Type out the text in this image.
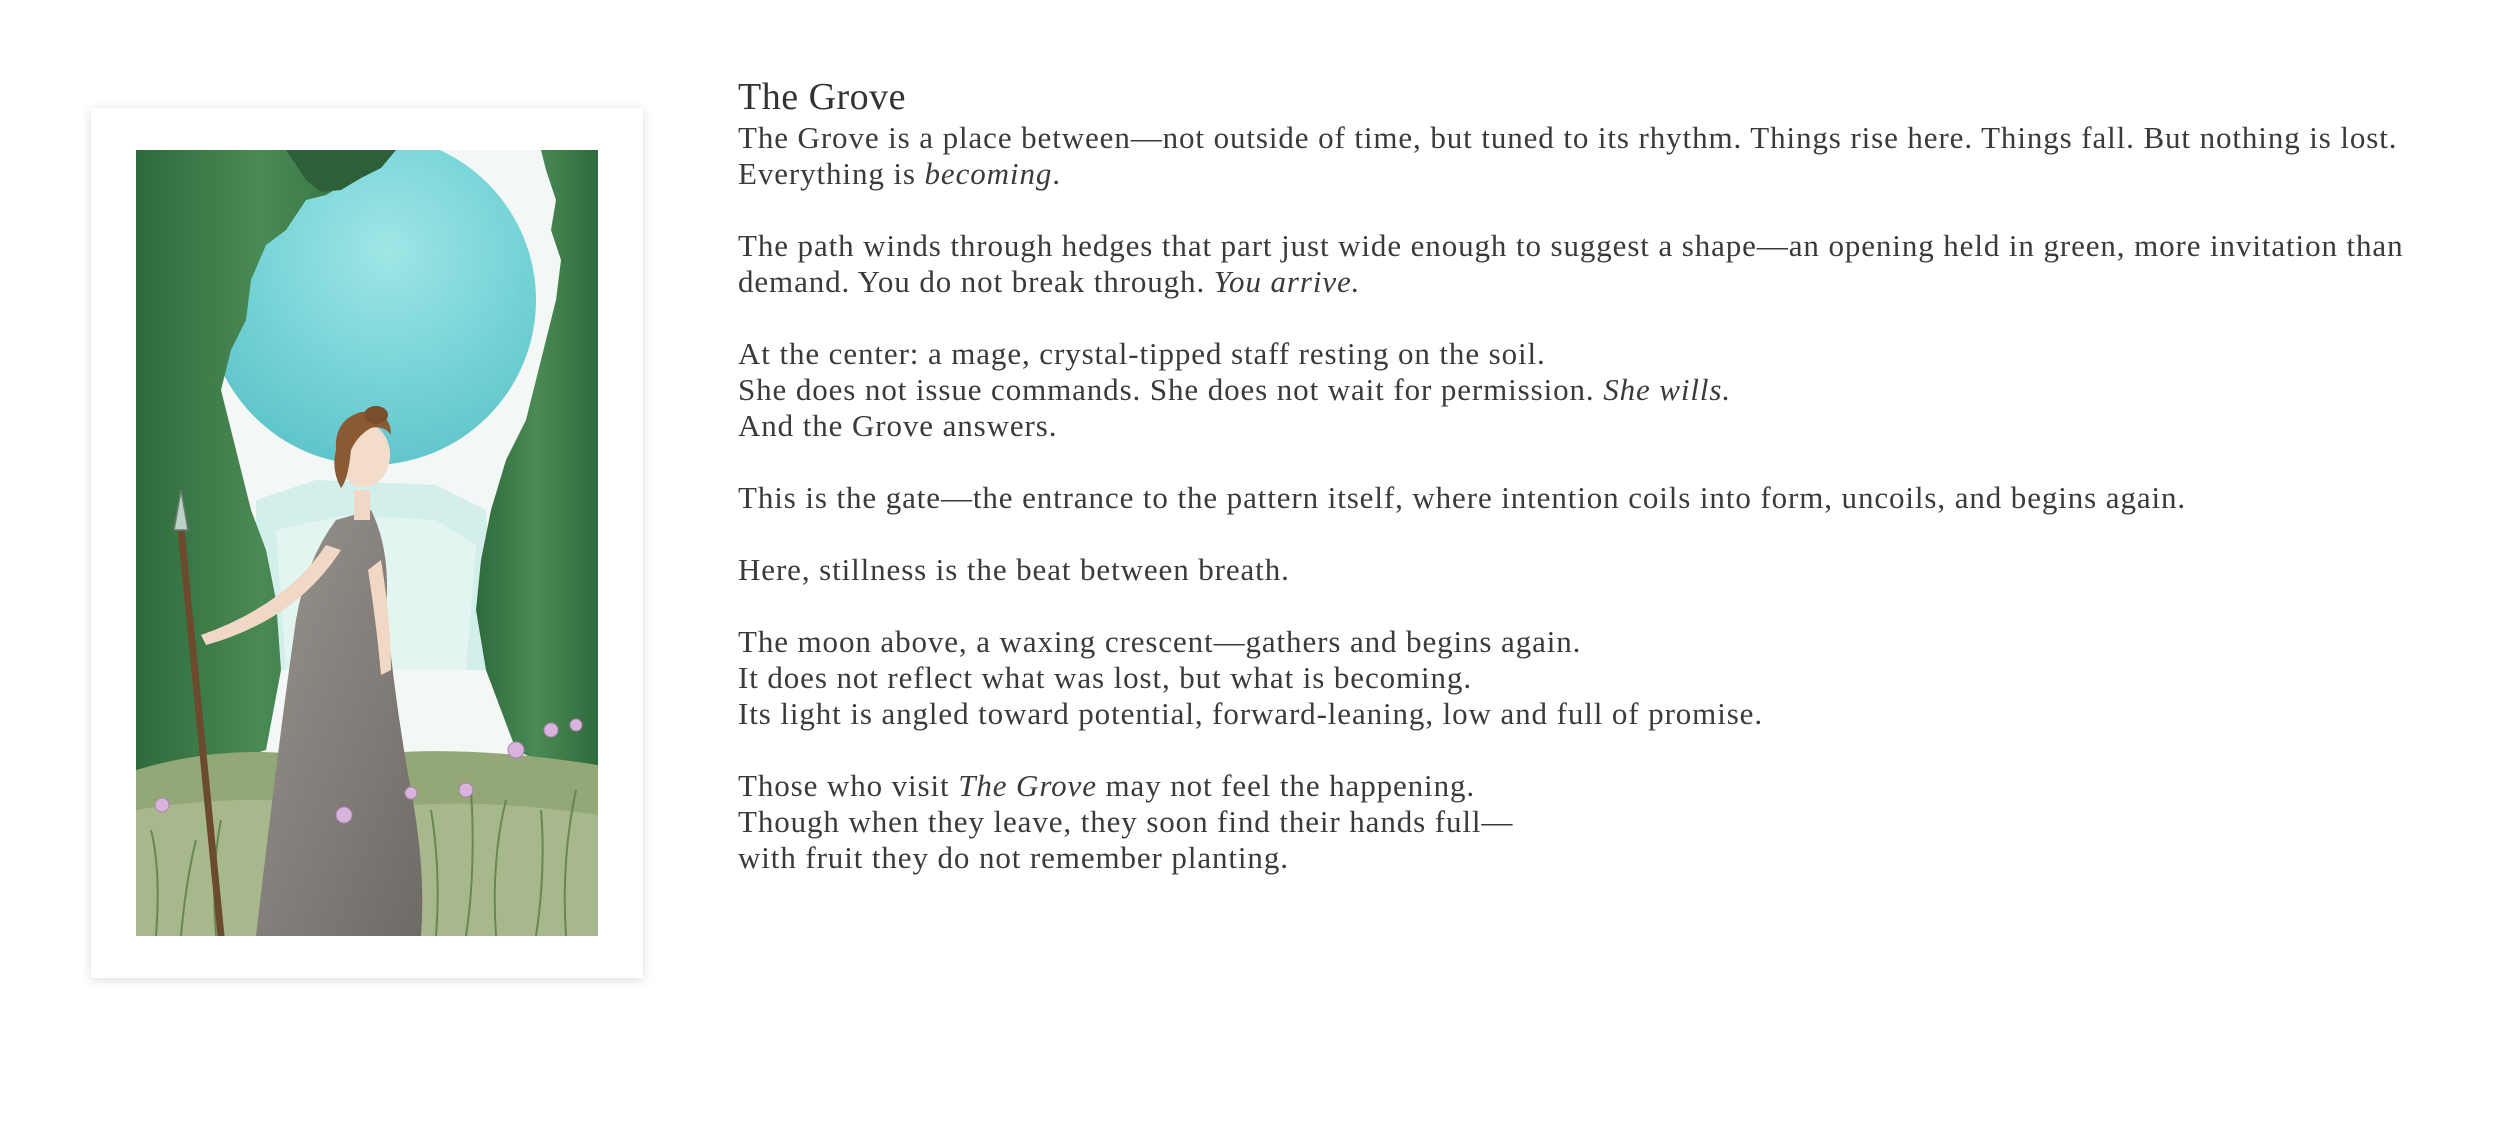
The Grove

The Grove is a place between—not outside of time, but tuned to its rhythm. Things rise here. Things fall. But nothing is lost. Everything is becoming.

The path winds through hedges that part just wide enough to suggest a shape—an opening held in green, more invitation than demand. You do not break through. You arrive.

At the center: a mage, crystal-tipped staff resting on the soil.
She does not issue commands. She does not wait for permission. She wills.
And the Grove answers.

This is the gate—the entrance to the pattern itself, where intention coils into form, uncoils, and begins again.

Here, stillness is the beat between breath.

The moon above, a waxing crescent—gathers and begins again.
It does not reflect what was lost, but what is becoming.
Its light is angled toward potential, forward-leaning, low and full of promise.

Those who visit The Grove may not feel the happening.
Though when they leave, they soon find their hands full—
with fruit they do not remember planting.
